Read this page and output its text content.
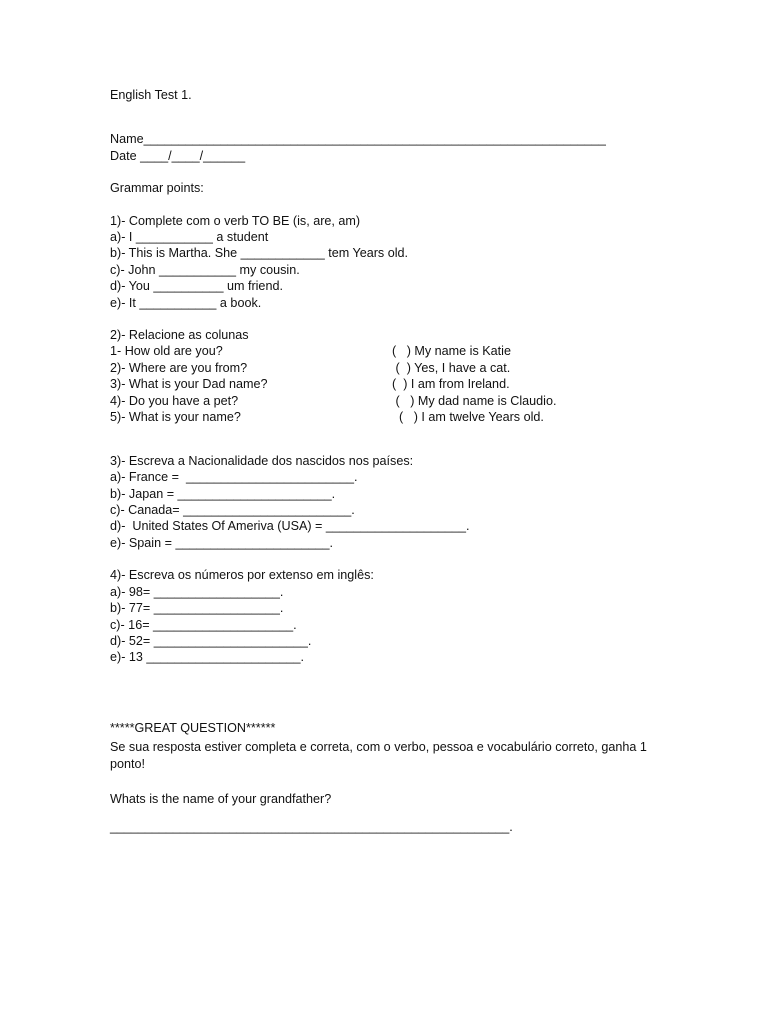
English Test 1.
Name__________________________________________________________________
Date ____/____/______
Grammar points:
1)- Complete com o verb TO BE (is, are, am)
a)- I ___________ a student
b)- This is Martha. She ____________ tem Years old.
c)- John ___________ my cousin.
d)- You __________ um friend.
e)- It ___________ a book.
2)- Relacione as colunas
1- How old are you?
2)- Where are you from?
3)- What is your Dad name?
4)- Do you have a pet?
5)- What is your name?
(   ) My name is Katie
(  ) Yes, I have a cat.
(  ) I am from Ireland.
(   ) My dad name is Claudio.
(   ) I am twelve Years old.
3)- Escreva a Nacionalidade dos nascidos nos países:
a)- France =  ________________________.
b)- Japan = ______________________.
c)- Canada= ________________________.
d)-  United States Of Ameriva (USA) = ____________________.
e)- Spain = ______________________.
4)- Escreva os números por extenso em inglês:
a)- 98= __________________.
b)- 77= __________________.
c)- 16= ____________________.
d)- 52= ______________________.
e)- 13 ______________________.
*****GREAT QUESTION******
Se sua resposta estiver completa e correta, com o verbo, pessoa e vocabulário correto, ganha 1
ponto!
Whats is the name of your grandfather?
_________________________________________________________.
